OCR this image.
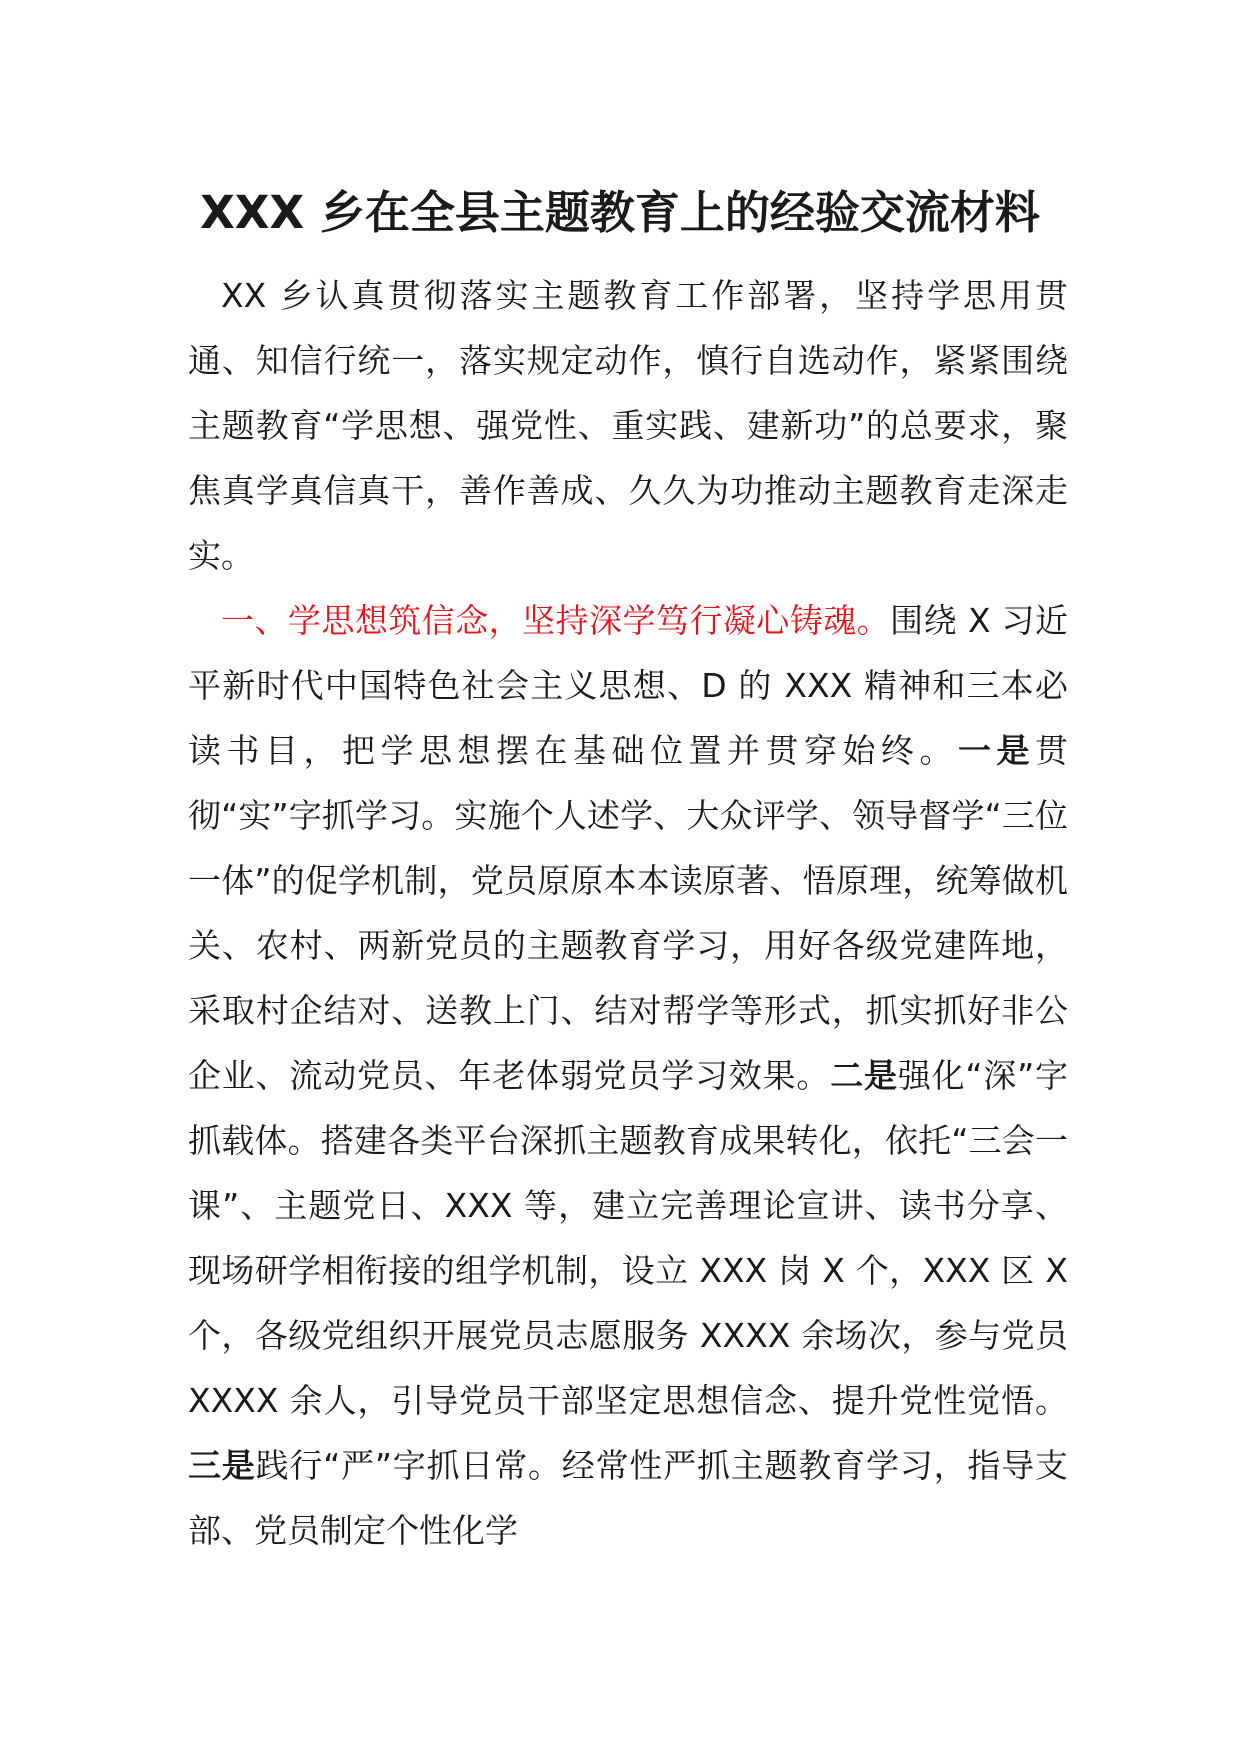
XXX 乡在全县主题教育上的经验交流材料

XX 乡认真贯彻落实主题教育工作部署，坚持学思用贯通、知信行统一，落实规定动作，慎行自选动作，紧紧围绕主题教育“学思想、强党性、重实践、建新功”的总要求，聚焦真学真信真干，善作善成、久久为功推动主题教育走深走实。

一、学思想筑信念，坚持深学笃行凝心铸魂。围绕 X 习近平新时代中国特色社会主义思想、D 的 XXX 精神和三本必读书目，把学思想摆在基础位置并贯穿始终。一是贯彻“实”字抓学习。实施个人述学、大众评学、领导督学“三位一体”的促学机制，党员原原本本读原著、悟原理，统筹做机关、农村、两新党员的主题教育学习，用好各级党建阵地，采取村企结对、送教上门、结对帮学等形式，抓实抓好非公企业、流动党员、年老体弱党员学习效果。二是强化“深”字抓载体。搭建各类平台深抓主题教育成果转化，依托“三会一课”、主题党日、XXX 等，建立完善理论宣讲、读书分享、现场研学相衔接的组学机制，设立 XXX 岗 X 个，XXX 区 X 个，各级党组织开展党员志愿服务 XXXX 余场次，参与党员 XXXX 余人，引导党员干部坚定思想信念、提升党性觉悟。三是践行“严”字抓日常。经常性严抓主题教育学习，指导支部、党员制定个性化学
